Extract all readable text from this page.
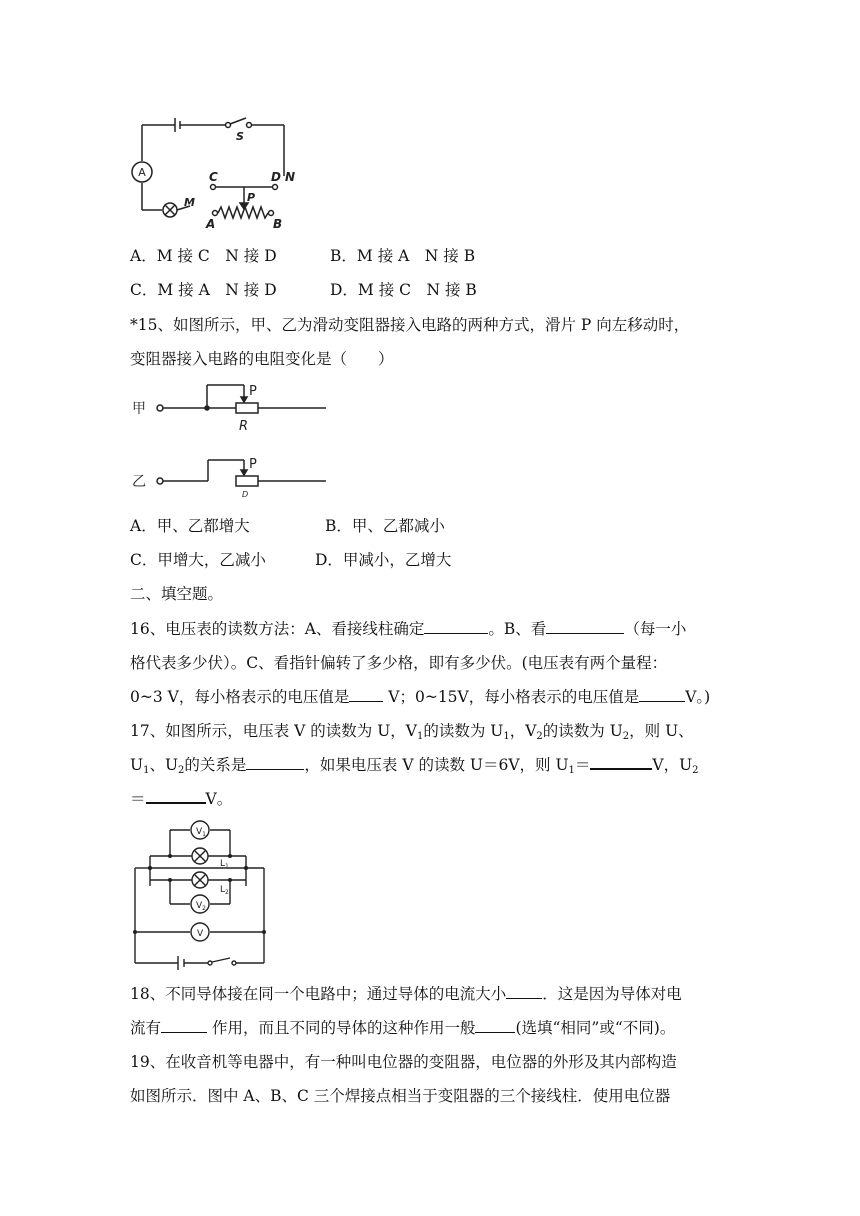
A
S
C	D N
M	P
A	B
A．M 接 C　N 接 D	B．M 接 A　N 接 B
C．M 接 A　N 接 D	D．M 接 C　N 接 B
*15、如图所示，甲、乙为滑动变阻器接入电路的两种方式，滑片 P 向左移动时，
变阻器接入电路的电阻变化是（　　）
甲
乙
P
R
P
D
A．甲、乙都增大	B．甲、乙都减小
C．甲增大，乙减小	D．甲减小，乙增大
二、填空题。
16、电压表的读数方法：A、看接线柱确定	。B、看	（每一小
格代表多少伏）。C、看指针偏转了多少格，即有多少伏。(电压表有两个量程：
0~3 V，每小格表示的电压值是 V；0~15V，每小格表示的电压值是	V。)
17、如图所示，电压表 V 的读数为 U，$V_1$的读数为 $U_1$，$V_2$的读数为 $U_2$，则 U、
$U_1$、$U_2$的关系是	，如果电压表 V 的读数 U＝6V，则 $U_1=$	V，$U_2$
＝	V。
$V_1$
$L_1$
$L_2$
$V_2$
V
18、不同导体接在同一个电路中；通过导体的电流大小 ．这是因为导体对电
流有	作用，而且不同的导体的这种作用一般	(选填“相同”或“不同)。
19、在收音机等电器中，有一种叫电位器的变阻器，电位器的外形及其内部构造
如图所示．图中 A、B、C 三个焊接点相当于变阻器的三个接线柱．使用电位器
